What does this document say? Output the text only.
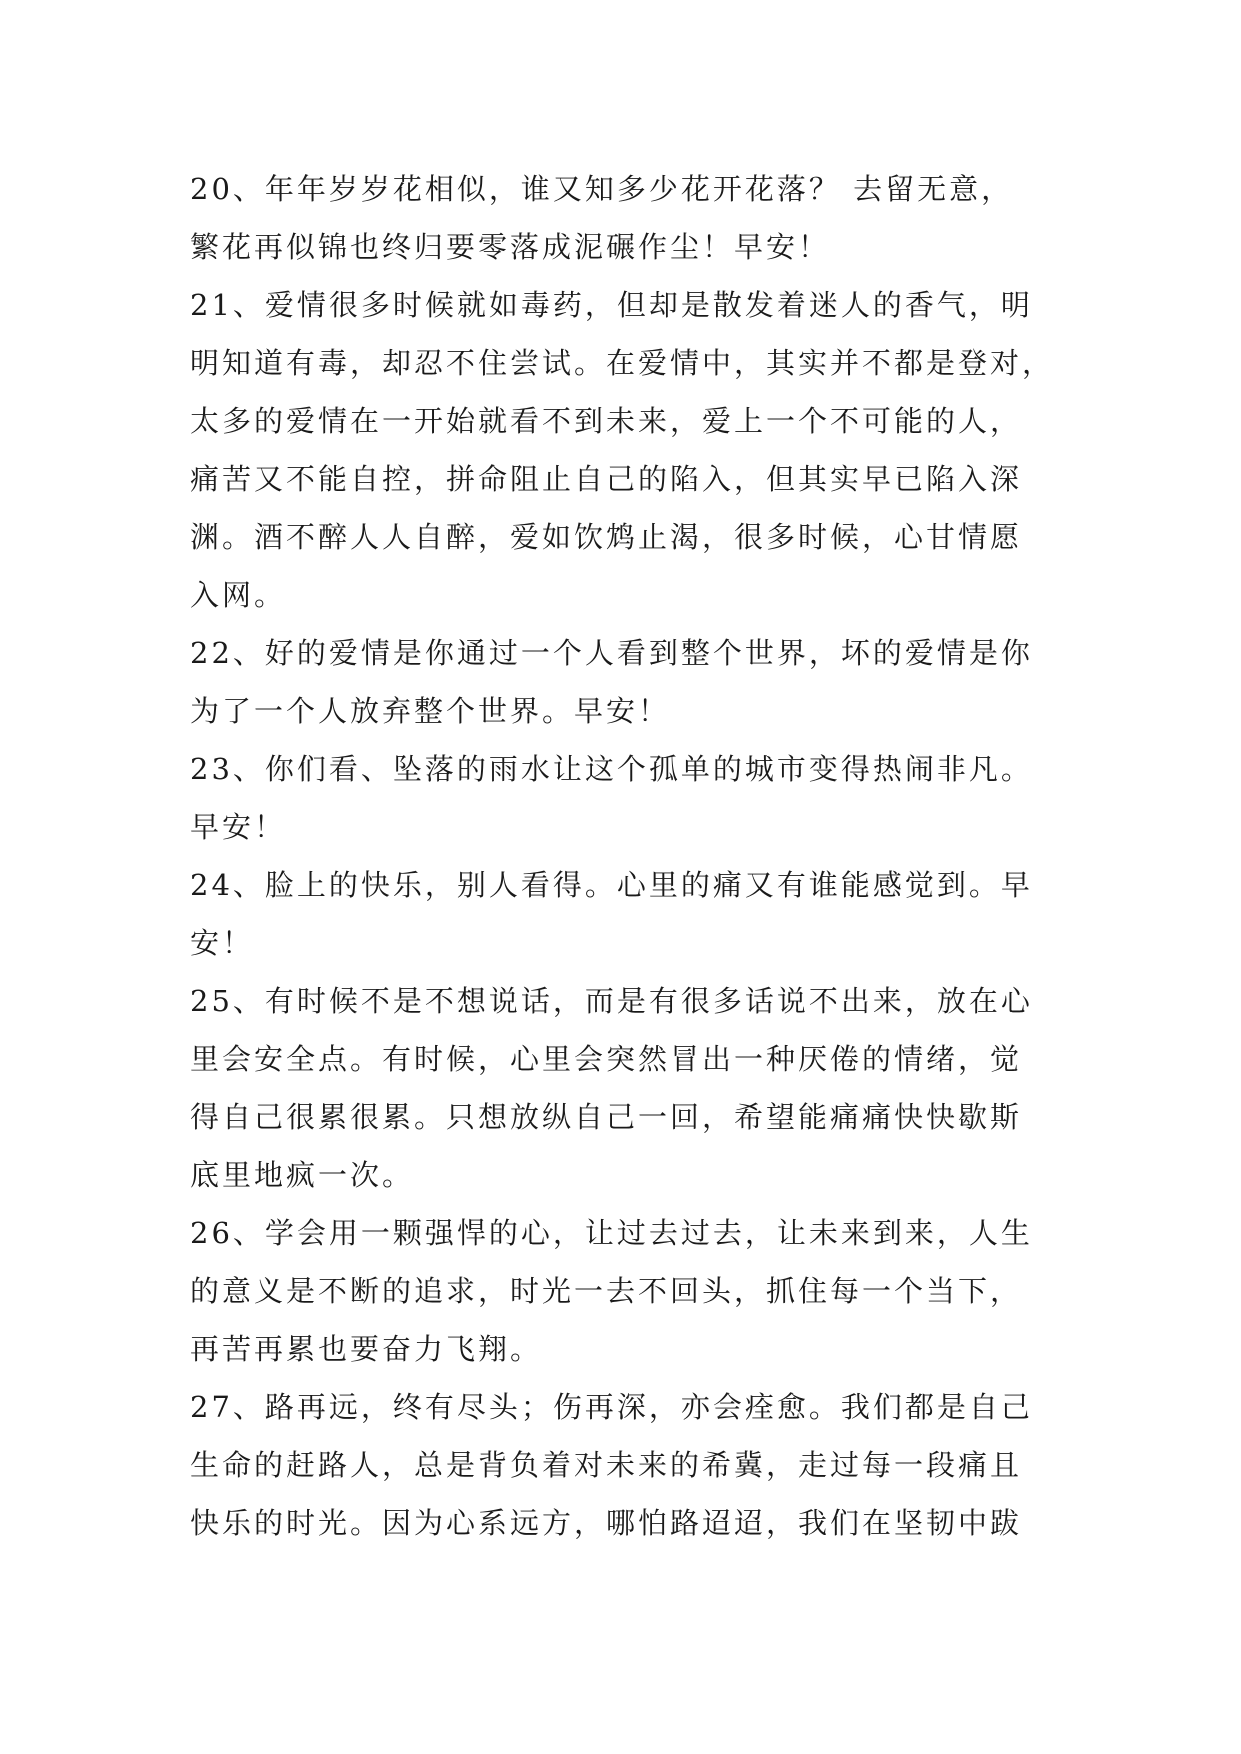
20、年年岁岁花相似，谁又知多少花开花落？ 去留无意，
繁花再似锦也终归要零落成泥碾作尘！早安！
21、爱情很多时候就如毒药，但却是散发着迷人的香气，明
明知道有毒，却忍不住尝试。在爱情中，其实并不都是登对，
太多的爱情在一开始就看不到未来，爱上一个不可能的人，
痛苦又不能自控，拼命阻止自己的陷入，但其实早已陷入深
渊。酒不醉人人自醉，爱如饮鸩止渴，很多时候，心甘情愿
入网。
22、好的爱情是你通过一个人看到整个世界，坏的爱情是你
为了一个人放弃整个世界。早安！
23、你们看、坠落的雨水让这个孤单的城市变得热闹非凡。
早安！
24、脸上的快乐，别人看得。心里的痛又有谁能感觉到。早
安！
25、有时候不是不想说话，而是有很多话说不出来，放在心
里会安全点。有时候，心里会突然冒出一种厌倦的情绪，觉
得自己很累很累。只想放纵自己一回，希望能痛痛快快歇斯
底里地疯一次。
26、学会用一颗强悍的心，让过去过去，让未来到来，人生
的意义是不断的追求，时光一去不回头，抓住每一个当下，
再苦再累也要奋力飞翔。
27、路再远，终有尽头；伤再深，亦会痊愈。我们都是自己
生命的赶路人，总是背负着对未来的希冀，走过每一段痛且
快乐的时光。因为心系远方，哪怕路迢迢，我们在坚韧中跋
